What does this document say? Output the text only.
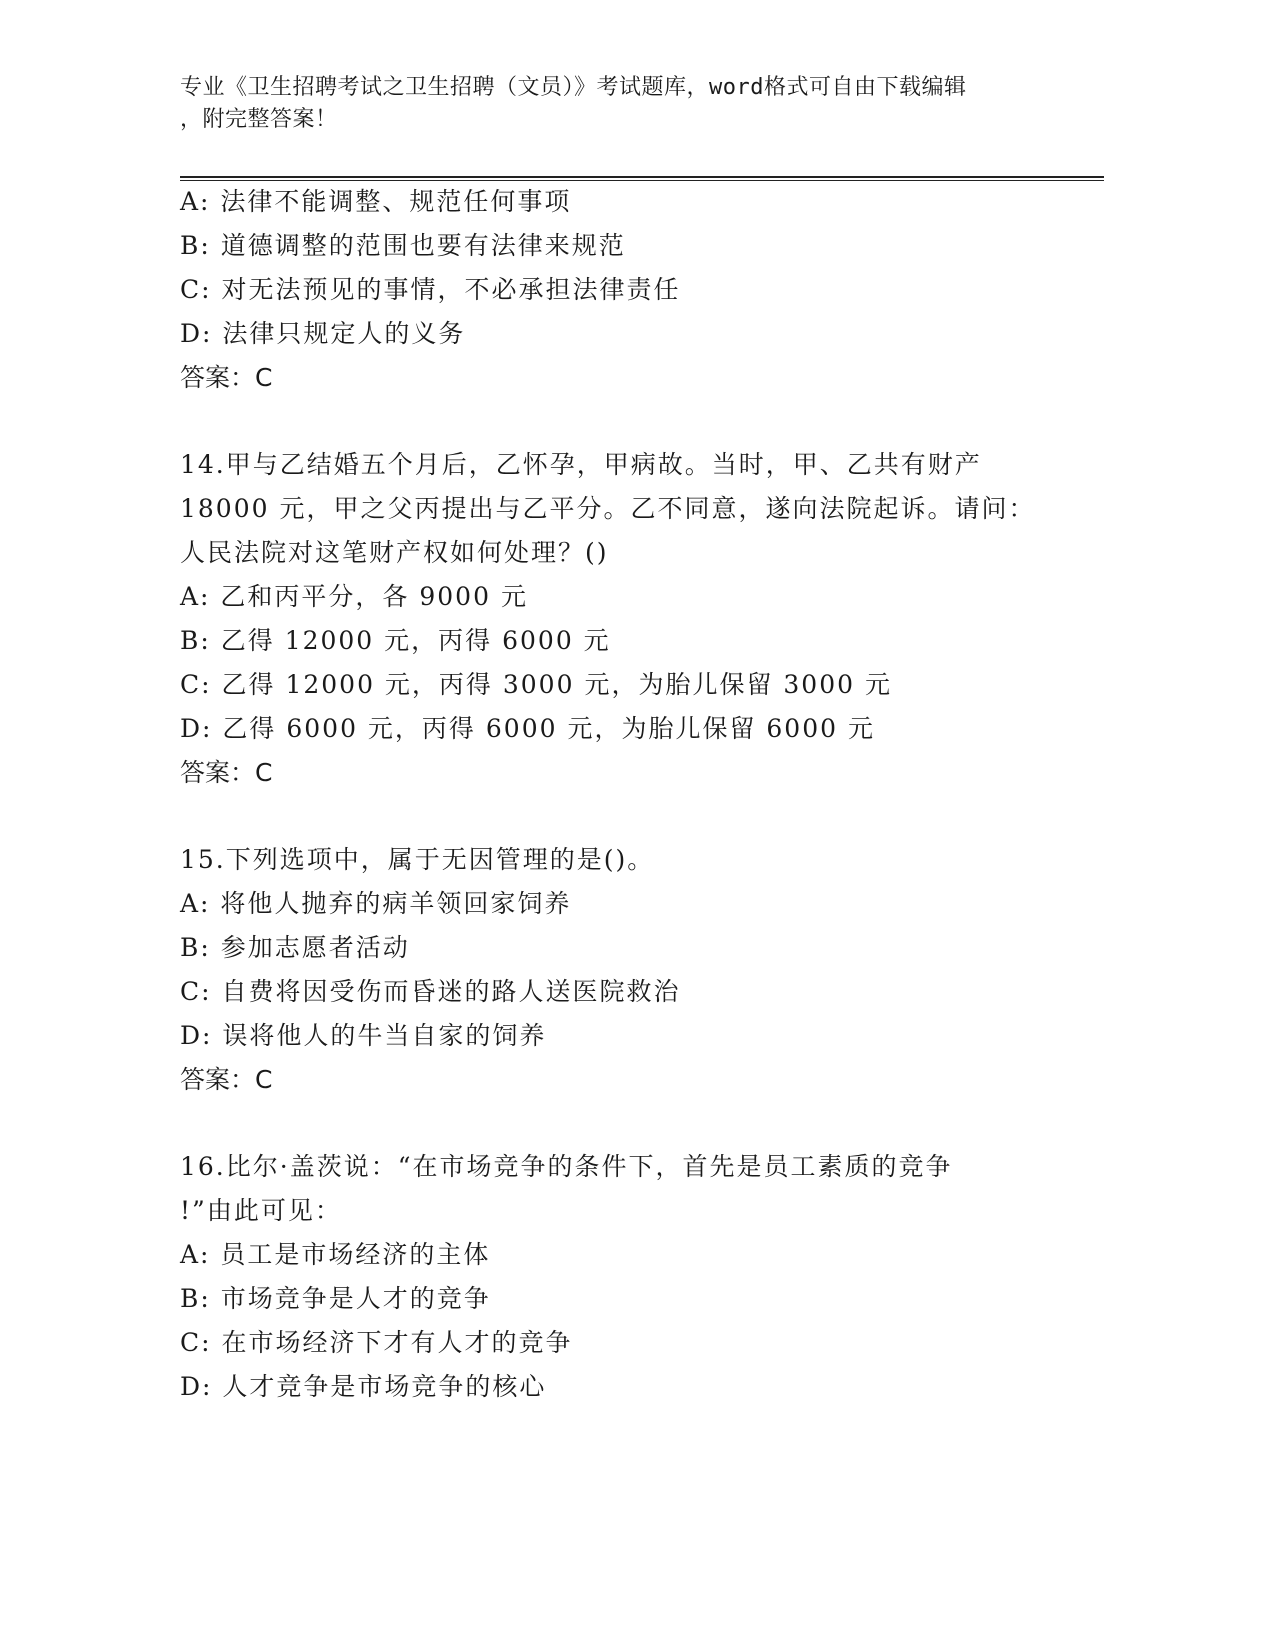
专业《卫生招聘考试之卫生招聘（文员）》考试题库，word格式可自由下载编辑

，附完整答案！

A: 法律不能调整、规范任何事项
B: 道德调整的范围也要有法律来规范
C: 对无法预见的事情，不必承担法律责任
D: 法律只规定人的义务
答案：C
14.甲与乙结婚五个月后，乙怀孕，甲病故。当时，甲、乙共有财产
18000 元，甲之父丙提出与乙平分。乙不同意，遂向法院起诉。请问：
人民法院对这笔财产权如何处理？()
A: 乙和丙平分，各 9000 元
B: 乙得 12000 元，丙得 6000 元
C: 乙得 12000 元，丙得 3000 元，为胎儿保留 3000 元
D: 乙得 6000 元，丙得 6000 元，为胎儿保留 6000 元
答案：C
15.下列选项中，属于无因管理的是()。
A: 将他人抛弃的病羊领回家饲养
B: 参加志愿者活动
C: 自费将因受伤而昏迷的路人送医院救治
D: 误将他人的牛当自家的饲养
答案：C
16.比尔·盖茨说：“在市场竞争的条件下，首先是员工素质的竞争
!”由此可见：
A: 员工是市场经济的主体
B: 市场竞争是人才的竞争
C: 在市场经济下才有人才的竞争
D: 人才竞争是市场竞争的核心
